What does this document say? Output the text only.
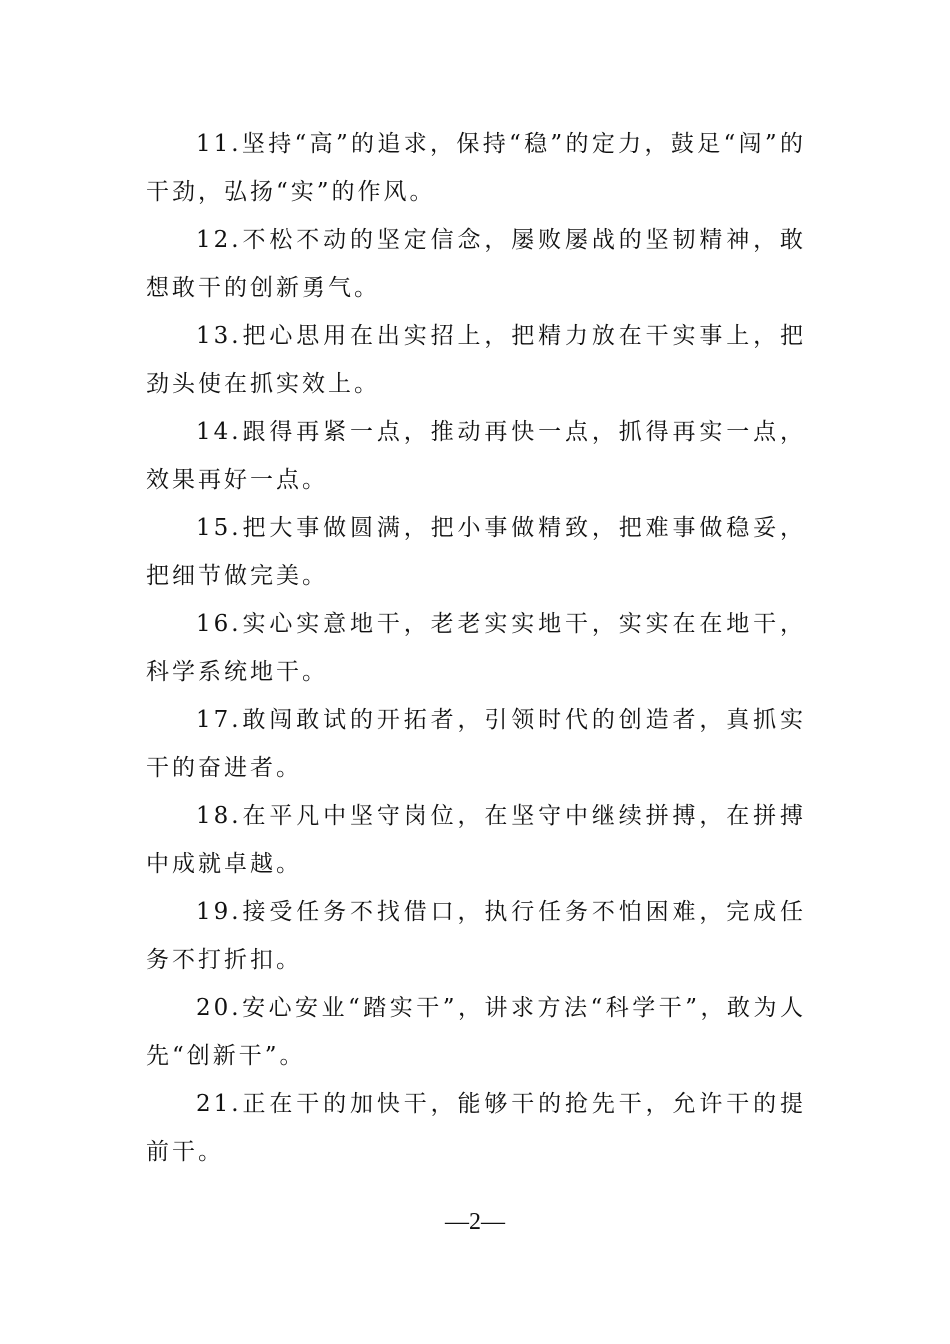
11.坚持“高”的追求，保持“稳”的定力，鼓足“闯”的干劲，弘扬“实”的作风。

12.不松不动的坚定信念，屡败屡战的坚韧精神，敢想敢干的创新勇气。

13.把心思用在出实招上，把精力放在干实事上，把劲头使在抓实效上。

14.跟得再紧一点，推动再快一点，抓得再实一点，效果再好一点。

15.把大事做圆满，把小事做精致，把难事做稳妥，把细节做完美。

16.实心实意地干，老老实实地干，实实在在地干，科学系统地干。

17.敢闯敢试的开拓者，引领时代的创造者，真抓实干的奋进者。

18.在平凡中坚守岗位，在坚守中继续拼搏，在拼搏中成就卓越。

19.接受任务不找借口，执行任务不怕困难，完成任务不打折扣。

20.安心安业“踏实干”，讲求方法“科学干”，敢为人先“创新干”。

21.正在干的加快干，能够干的抢先干，允许干的提前干。

—2—
